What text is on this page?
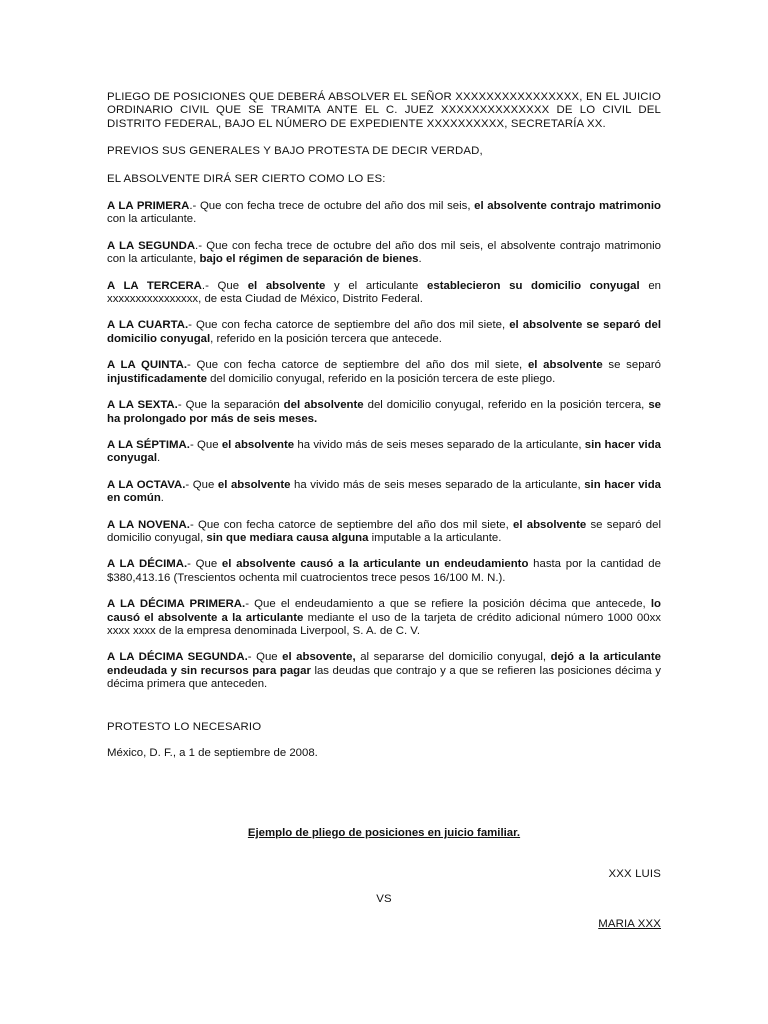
PLIEGO DE POSICIONES QUE DEBERÁ ABSOLVER EL SEÑOR XXXXXXXXXXXXXXXX, EN EL JUICIO ORDINARIO CIVIL QUE SE TRAMITA ANTE EL C. JUEZ XXXXXXXXXXXXXX DE LO CIVIL DEL DISTRITO FEDERAL, BAJO EL NÚMERO DE EXPEDIENTE XXXXXXXXXX, SECRETARÍA XX.

PREVIOS SUS GENERALES Y BAJO PROTESTA DE DECIR VERDAD,

EL ABSOLVENTE DIRÁ SER CIERTO COMO LO ES:

A LA PRIMERA.- Que con fecha trece de octubre del año dos mil seis, el absolvente contrajo matrimonio con la articulante.

A LA SEGUNDA.- Que con fecha trece de octubre del año dos mil seis, el absolvente contrajo matrimonio con la articulante, bajo el régimen de separación de bienes.

A LA TERCERA.- Que el absolvente y el articulante establecieron su domicilio conyugal en xxxxxxxxxxxxxxxx, de esta Ciudad de México, Distrito Federal.

A LA CUARTA.- Que con fecha catorce de septiembre del año dos mil siete, el absolvente se separó del domicilio conyugal, referido en la posición tercera que antecede.

A LA QUINTA.- Que con fecha catorce de septiembre del año dos mil siete, el absolvente se separó injustificadamente del domicilio conyugal, referido en la posición tercera de este pliego.

A LA SEXTA.- Que la separación del absolvente del domicilio conyugal, referido en la posición tercera, se ha prolongado por más de seis meses.

A LA SÉPTIMA.- Que el absolvente ha vivido más de seis meses separado de la articulante, sin hacer vida conyugal.

A LA OCTAVA.- Que el absolvente ha vivido más de seis meses separado de la articulante, sin hacer vida en común.

A LA NOVENA.- Que con fecha catorce de septiembre del año dos mil siete, el absolvente se separó del domicilio conyugal, sin que mediara causa alguna imputable a la articulante.

A LA DÉCIMA.- Que el absolvente causó a la articulante un endeudamiento hasta por la cantidad de $380,413.16 (Trescientos ochenta mil cuatrocientos trece pesos 16/100 M. N.).

A LA DÉCIMA PRIMERA.- Que el endeudamiento a que se refiere la posición décima que antecede, lo causó el absolvente a la articulante mediante el uso de la tarjeta de crédito adicional número 1000 00xx xxxx xxxx de la empresa denominada Liverpool, S. A. de C. V.

A LA DÉCIMA SEGUNDA.- Que el absovente, al separarse del domicilio conyugal, dejó a la articulante endeudada y sin recursos para pagar las deudas que contrajo y a que se refieren las posiciones décima y décima primera que anteceden.

PROTESTO LO NECESARIO

México, D. F., a 1 de septiembre de 2008.

Ejemplo de pliego de posiciones en juicio familiar.
XXX LUIS
VS
MARIA XXX
